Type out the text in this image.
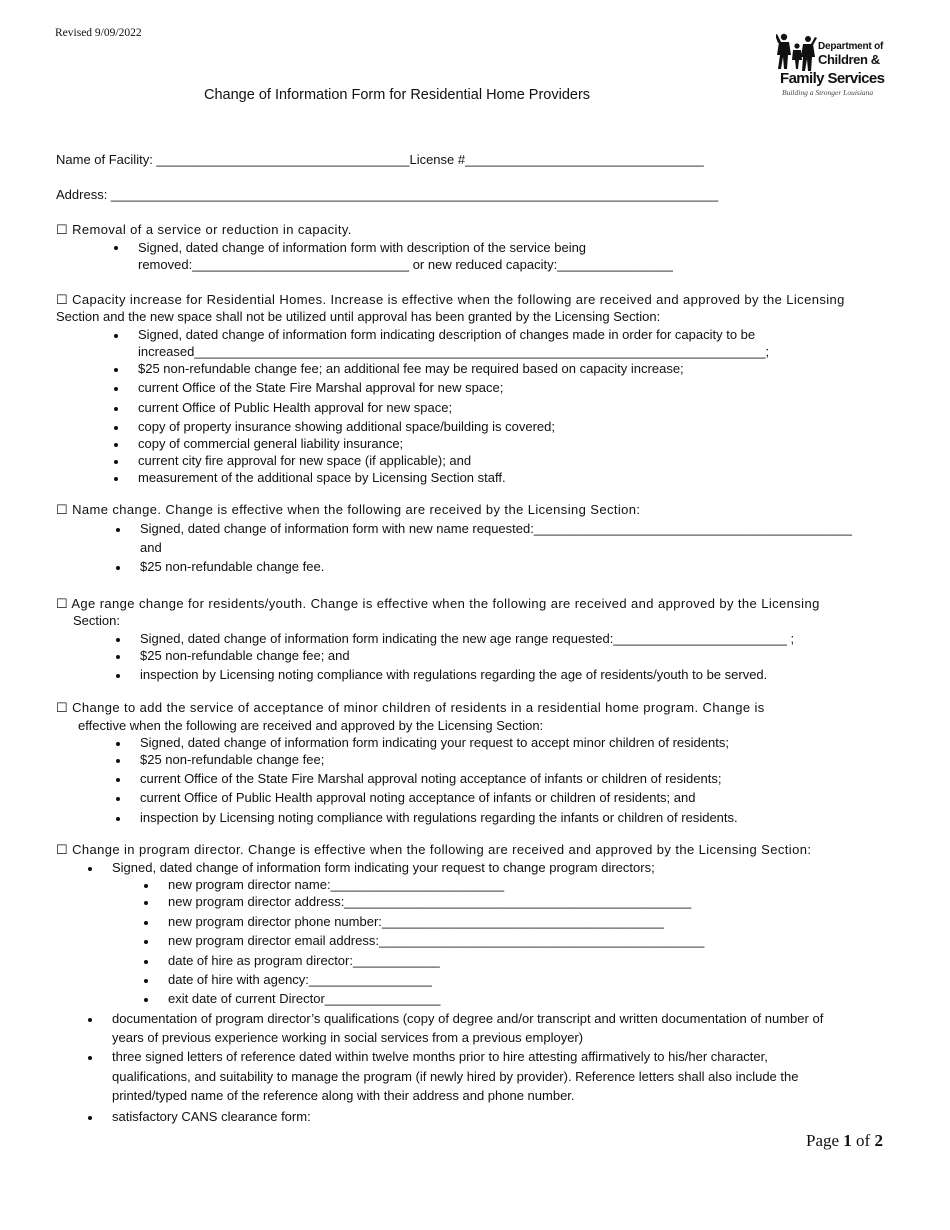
Revised 9/09/2022
Change of Information Form for Residential Home Providers
Department of
Children &
Family Services
Building a Stronger Louisiana
Name of Facility: ___________________________________License #_________________________________
Address: ____________________________________________________________________________________
☐ Removal of a service or reduction in capacity.
Signed, dated change of information form with description of the service being
removed:______________________________ or new reduced capacity:________________
☐ Capacity increase for Residential Homes. Increase is effective when the following are received and approved by the Licensing
Section and the new space shall not be utilized until approval has been granted by the Licensing Section:
Signed, dated change of information form indicating description of changes made in order for capacity to be
increased_______________________________________________________________________________;
$25 non-refundable change fee; an additional fee may be required based on capacity increase;
current Office of the State Fire Marshal approval for new space;
current Office of Public Health approval for new space;
copy of property insurance showing additional space/building is covered;
copy of commercial general liability insurance;
current city fire approval for new space (if applicable); and
measurement of the additional space by Licensing Section staff.
☐ Name change. Change is effective when the following are received by the Licensing Section:
Signed, dated change of information form with new name requested:____________________________________________
and
$25 non-refundable change fee.
☐ Age range change for residents/youth. Change is effective when the following are received and approved by the Licensing
Section:
Signed, dated change of information form indicating the new age range requested:________________________ ;
$25 non-refundable change fee; and
inspection by Licensing noting compliance with regulations regarding the age of residents/youth to be served.
☐ Change to add the service of acceptance of minor children of residents in a residential home program. Change is
effective when the following are received and approved by the Licensing Section:
Signed, dated change of information form indicating your request to accept minor children of residents;
$25 non-refundable change fee;
current Office of the State Fire Marshal approval noting acceptance of infants or children of residents;
current Office of Public Health approval noting acceptance of infants or children of residents; and
inspection by Licensing noting compliance with regulations regarding the infants or children of residents.
☐ Change in program director. Change is effective when the following are received and approved by the Licensing Section:
Signed, dated change of information form indicating your request to change program directors;
new program director name:________________________
new program director address:________________________________________________
new program director phone number:_______________________________________
new program director email address:_____________________________________________
date of hire as program director:____________
date of hire with agency:_________________
exit date of current Director________________
documentation of program director’s qualifications (copy of degree and/or transcript and written documentation of number of
years of previous experience working in social services from a previous employer)
three signed letters of reference dated within twelve months prior to hire attesting affirmatively to his/her character,
qualifications, and suitability to manage the program (if newly hired by provider). Reference letters shall also include the
printed/typed name of the reference along with their address and phone number.
satisfactory CANS clearance form:
Page 1 of 2
